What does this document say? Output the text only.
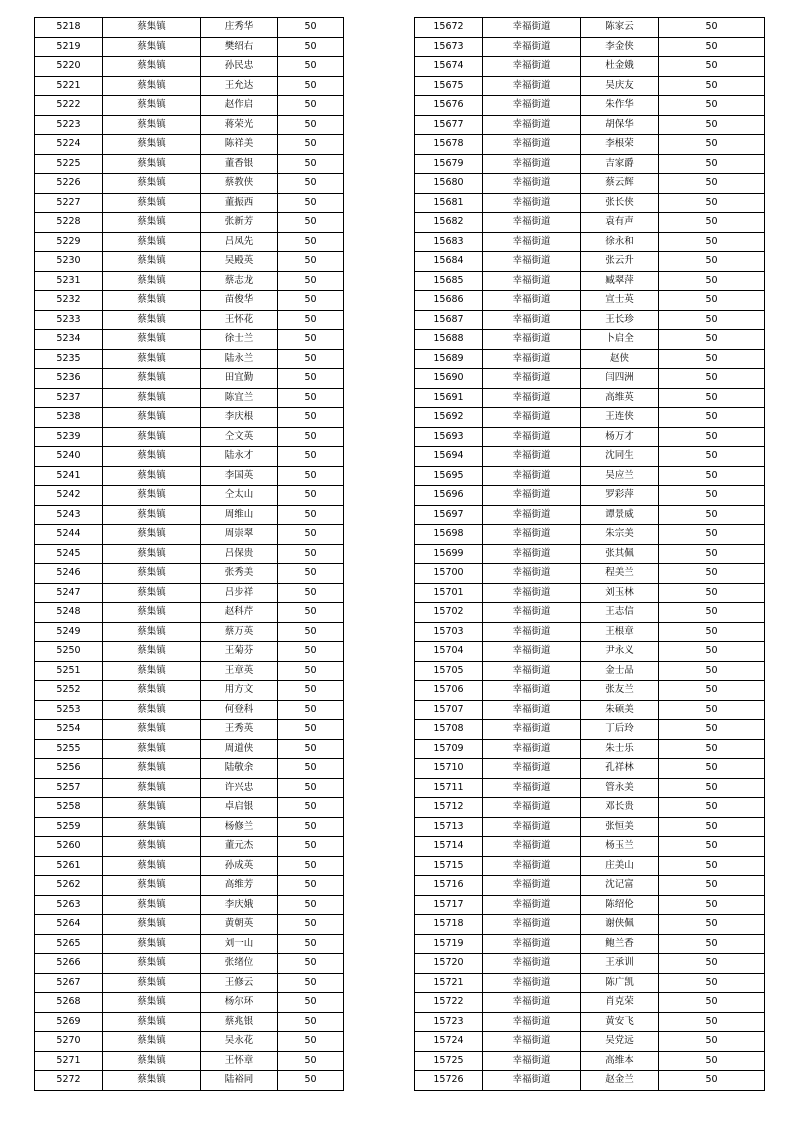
5218	蔡集镇	庄秀华	50
5219	蔡集镇	樊绍右	50
5220	蔡集镇	孙民忠	50
5221	蔡集镇	王允达	50
5222	蔡集镇	赵作启	50
5223	蔡集镇	蒋荣光	50
5224	蔡集镇	陈祥美	50
5225	蔡集镇	董香银	50
5226	蔡集镇	蔡教侠	50
5227	蔡集镇	董振西	50
5228	蔡集镇	张新芳	50
5229	蔡集镇	吕凤先	50
5230	蔡集镇	吴殿英	50
5231	蔡集镇	蔡志龙	50
5232	蔡集镇	苗俊华	50
5233	蔡集镇	王怀花	50
5234	蔡集镇	徐士兰	50
5235	蔡集镇	陆永兰	50
5236	蔡集镇	田宜勤	50
5237	蔡集镇	陈宜兰	50
5238	蔡集镇	李庆根	50
5239	蔡集镇	仝文英	50
5240	蔡集镇	陆永才	50
5241	蔡集镇	李国英	50
5242	蔡集镇	仝太山	50
5243	蔡集镇	周维山	50
5244	蔡集镇	周崇翠	50
5245	蔡集镇	吕保贵	50
5246	蔡集镇	张秀美	50
5247	蔡集镇	吕步祥	50
5248	蔡集镇	赵科芹	50
5249	蔡集镇	蔡万英	50
5250	蔡集镇	王菊芬	50
5251	蔡集镇	王章英	50
5252	蔡集镇	用方文	50
5253	蔡集镇	何登科	50
5254	蔡集镇	王秀英	50
5255	蔡集镇	周道侠	50
5256	蔡集镇	陆敬余	50
5257	蔡集镇	许兴忠	50
5258	蔡集镇	卓启银	50
5259	蔡集镇	杨修兰	50
5260	蔡集镇	董元杰	50
5261	蔡集镇	孙成英	50
5262	蔡集镇	高维芳	50
5263	蔡集镇	李庆娥	50
5264	蔡集镇	黄朝英	50
5265	蔡集镇	刘一山	50
5266	蔡集镇	张绪位	50
5267	蔡集镇	王修云	50
5268	蔡集镇	杨尔环	50
5269	蔡集镇	蔡兆银	50
5270	蔡集镇	吴永花	50
5271	蔡集镇	王怀章	50
5272	蔡集镇	陆裕同	50
15672	幸福街道	陈家云	50
15673	幸福街道	李金侠	50
15674	幸福街道	杜金娥	50
15675	幸福街道	吴庆友	50
15676	幸福街道	朱作华	50
15677	幸福街道	胡保华	50
15678	幸福街道	李根荣	50
15679	幸福街道	吉家爵	50
15680	幸福街道	蔡云辉	50
15681	幸福街道	张长侠	50
15682	幸福街道	袁有声	50
15683	幸福街道	徐永和	50
15684	幸福街道	张云升	50
15685	幸福街道	臧翠萍	50
15686	幸福街道	宣士英	50
15687	幸福街道	王长珍	50
15688	幸福街道	卜启全	50
15689	幸福街道	赵侠	50
15690	幸福街道	闫四洲	50
15691	幸福街道	高维英	50
15692	幸福街道	王连侠	50
15693	幸福街道	杨万才	50
15694	幸福街道	沈同生	50
15695	幸福街道	吴应兰	50
15696	幸福街道	罗彩萍	50
15697	幸福街道	谭景威	50
15698	幸福街道	朱宗美	50
15699	幸福街道	张其佩	50
15700	幸福街道	程美兰	50
15701	幸福街道	刘玉林	50
15702	幸福街道	王志信	50
15703	幸福街道	王根章	50
15704	幸福街道	尹永义	50
15705	幸福街道	金士品	50
15706	幸福街道	张友兰	50
15707	幸福街道	朱硕美	50
15708	幸福街道	丁后玲	50
15709	幸福街道	朱士乐	50
15710	幸福街道	孔祥林	50
15711	幸福街道	管永美	50
15712	幸福街道	邓长贵	50
15713	幸福街道	张恒美	50
15714	幸福街道	杨玉兰	50
15715	幸福街道	庄美山	50
15716	幸福街道	沈记富	50
15717	幸福街道	陈绍伦	50
15718	幸福街道	谢侠佩	50
15719	幸福街道	鲍兰香	50
15720	幸福街道	王承训	50
15721	幸福街道	陈广凯	50
15722	幸福街道	肖克荣	50
15723	幸福街道	黄安飞	50
15724	幸福街道	吴党远	50
15725	幸福街道	高维本	50
15726	幸福街道	赵金兰	50
